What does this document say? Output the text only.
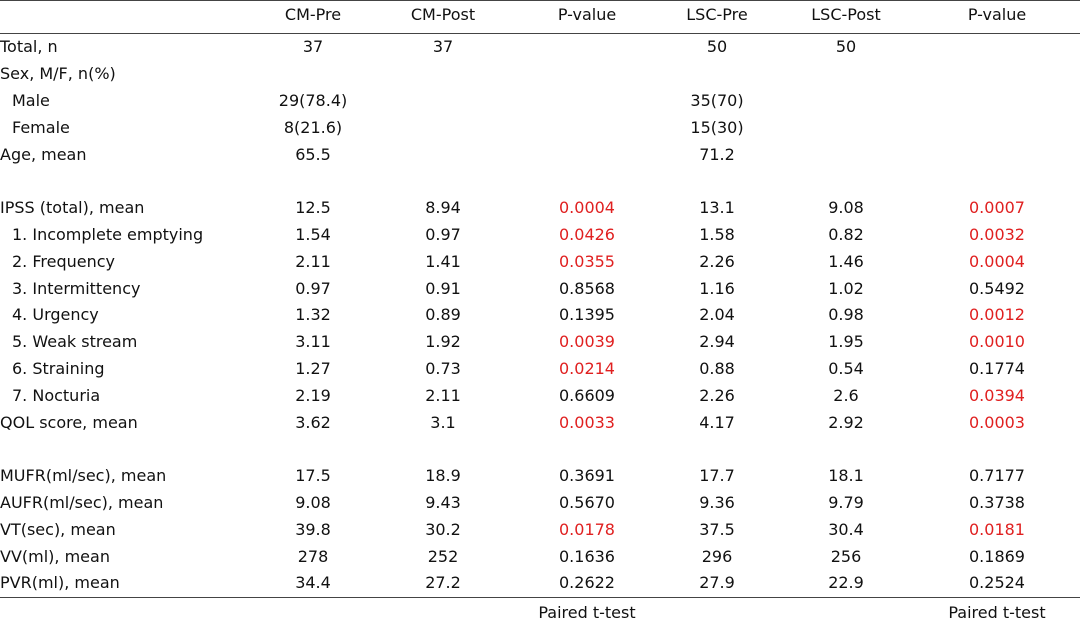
	CM-Pre	CM-Post	P-value	LSC-Pre	LSC-Post	P-value
Total, n	37	37		50	50	
Sex, M/F, n(%)						
Male	29(78.4)			35(70)		
Female	8(21.6)			15(30)		
Age, mean	65.5			71.2		

IPSS (total), mean	12.5	8.94	0.0004	13.1	9.08	0.0007
1. Incomplete emptying	1.54	0.97	0.0426	1.58	0.82	0.0032
2. Frequency	2.11	1.41	0.0355	2.26	1.46	0.0004
3. Intermittency	0.97	0.91	0.8568	1.16	1.02	0.5492
4. Urgency	1.32	0.89	0.1395	2.04	0.98	0.0012
5. Weak stream	3.11	1.92	0.0039	2.94	1.95	0.0010
6. Straining	1.27	0.73	0.0214	0.88	0.54	0.1774
7. Nocturia	2.19	2.11	0.6609	2.26	2.6	0.0394
QOL score, mean	3.62	3.1	0.0033	4.17	2.92	0.0003

MUFR(ml/sec), mean	17.5	18.9	0.3691	17.7	18.1	0.7177
AUFR(ml/sec), mean	9.08	9.43	0.5670	9.36	9.79	0.3738
VT(sec), mean	39.8	30.2	0.0178	37.5	30.4	0.0181
VV(ml), mean	278	252	0.1636	296	256	0.1869
PVR(ml), mean	34.4	27.2	0.2622	27.9	22.9	0.2524
			Paired t-test			Paired t-test
